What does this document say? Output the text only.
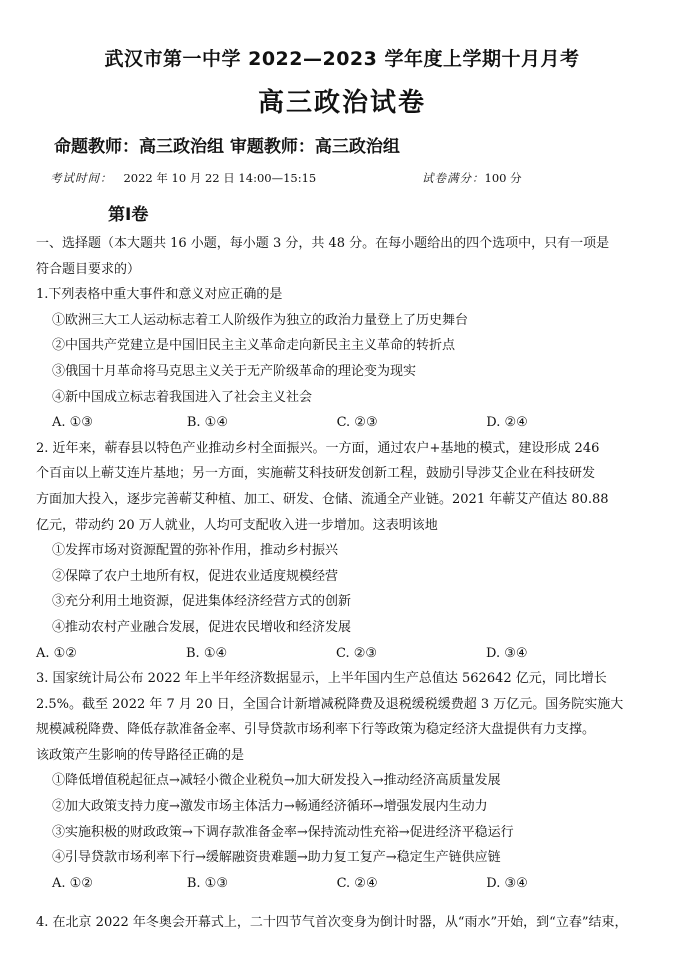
武汉市第一中学 2022—2023 学年度上学期十月月考
高三政治试卷
命题教师：高三政治组 审题教师：高三政治组
考试时间： 2022 年 10 月 22 日 14:00—15:15	试卷满分：100 分
第Ⅰ卷

一、选择题（本大题共 16 小题，每小题 3 分，共 48 分。在每小题给出的四个选项中，只有一项是

符合题目要求的）

1.下列表格中重大事件和意义对应正确的是

①欧洲三大工人运动标志着工人阶级作为独立的政治力量登上了历史舞台

②中国共产党建立是中国旧民主主义革命走向新民主主义革命的转折点

③俄国十月革命将马克思主义关于无产阶级革命的理论变为现实

④新中国成立标志着我国进入了社会主义社会

A. ①③	B. ①④	C. ②③	D. ②④

2. 近年来，蕲春县以特色产业推动乡村全面振兴。一方面，通过农户+基地的模式，建设形成 246

个百亩以上蕲艾连片基地；另一方面，实施蕲艾科技研发创新工程，鼓励引导涉艾企业在科技研发

方面加大投入，逐步完善蕲艾种植、加工、研发、仓储、流通全产业链。2021 年蕲艾产值达 80.88

亿元，带动约 20 万人就业，人均可支配收入进一步增加。这表明该地

①发挥市场对资源配置的弥补作用，推动乡村振兴

②保障了农户土地所有权，促进农业适度规模经营

③充分利用土地资源，促进集体经济经营方式的创新

④推动农村产业融合发展，促进农民增收和经济发展

A. ①②	B. ①④	C. ②③	D. ③④

3. 国家统计局公布 2022 年上半年经济数据显示，上半年国内生产总值达 562642 亿元，同比增长

2.5%。截至 2022 年 7 月 20 日，全国合计新增减税降费及退税缓税缓费超 3 万亿元。国务院实施大

规模减税降费、降低存款准备金率、引导贷款市场利率下行等政策为稳定经济大盘提供有力支撑。

该政策产生影响的传导路径正确的是

①降低增值税起征点→减轻小微企业税负→加大研发投入→推动经济高质量发展

②加大政策支持力度→激发市场主体活力→畅通经济循环→增强发展内生动力

③实施积极的财政政策→下调存款准备金率→保持流动性充裕→促进经济平稳运行

④引导贷款市场利率下行→缓解融资贵难题→助力复工复产→稳定生产链供应链

A. ①②	B. ①③	C. ②④	D. ③④

4. 在北京 2022 年冬奥会开幕式上，二十四节气首次变身为倒计时器，从“雨水”开始，到“立春”结束，
